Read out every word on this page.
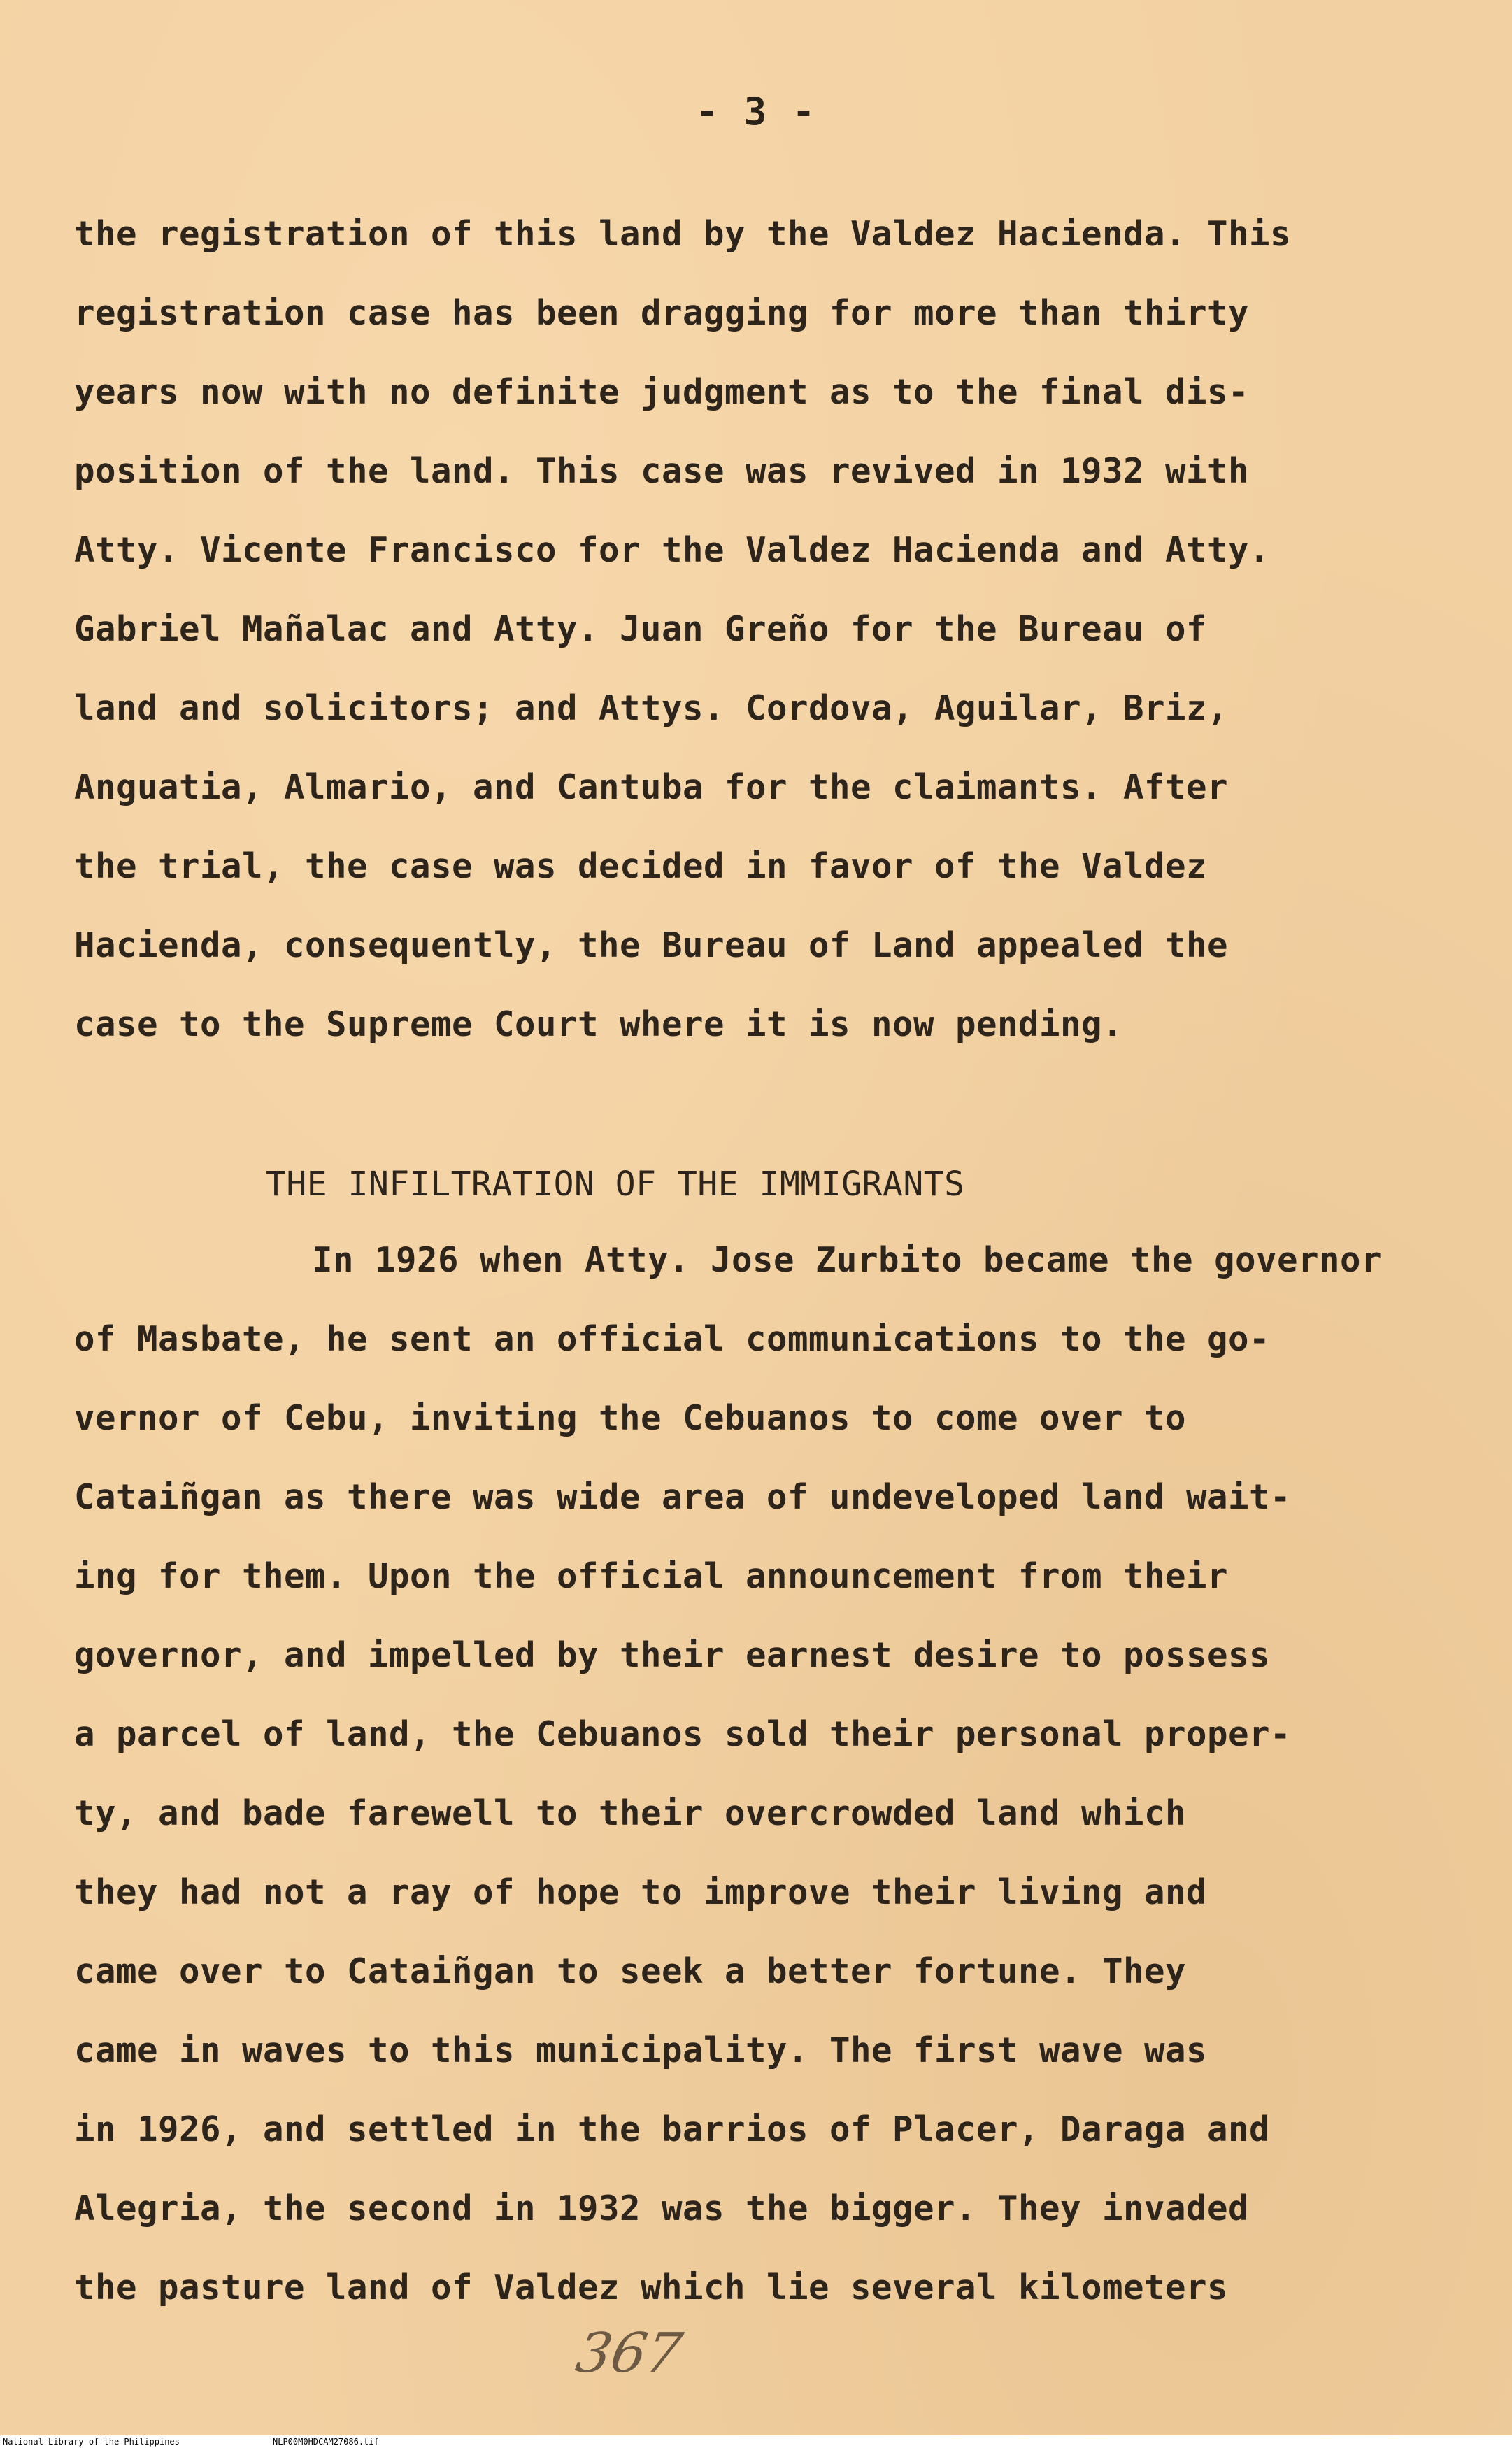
- 3 -
the registration of this land by the Valdez Hacienda. This
registration case has been dragging for more than thirty
years now with no definite judgment as to the final dis-
position of the land. This case was revived in 1932 with
Atty. Vicente Francisco for the Valdez Hacienda and Atty.
Gabriel Mañalac and Atty. Juan Greño for the Bureau of
land and solicitors; and Attys. Cordova, Aguilar, Briz,
Anguatia, Almario, and Cantuba for the claimants. After
the trial, the case was decided in favor of the Valdez
Hacienda, consequently, the Bureau of Land appealed the
case to the Supreme Court where it is now pending.
THE INFILTRATION OF THE IMMIGRANTS
In 1926 when Atty. Jose Zurbito became the governor
of Masbate, he sent an official communications to the go-
vernor of Cebu, inviting the Cebuanos to come over to
Cataiñgan as there was wide area of undeveloped land wait-
ing for them. Upon the official announcement from their
governor, and impelled by their earnest desire to possess
a parcel of land, the Cebuanos sold their personal proper-
ty, and bade farewell to their overcrowded land which
they had not a ray of hope to improve their living and
came over to Cataiñgan to seek a better fortune. They
came in waves to this municipality. The first wave was
in 1926, and settled in the barrios of Placer, Daraga and
Alegria, the second in 1932 was the bigger. They invaded
the pasture land of Valdez which lie several kilometers
367
National Library of the Philippines	NLP00M0HDCAM27086.tif
